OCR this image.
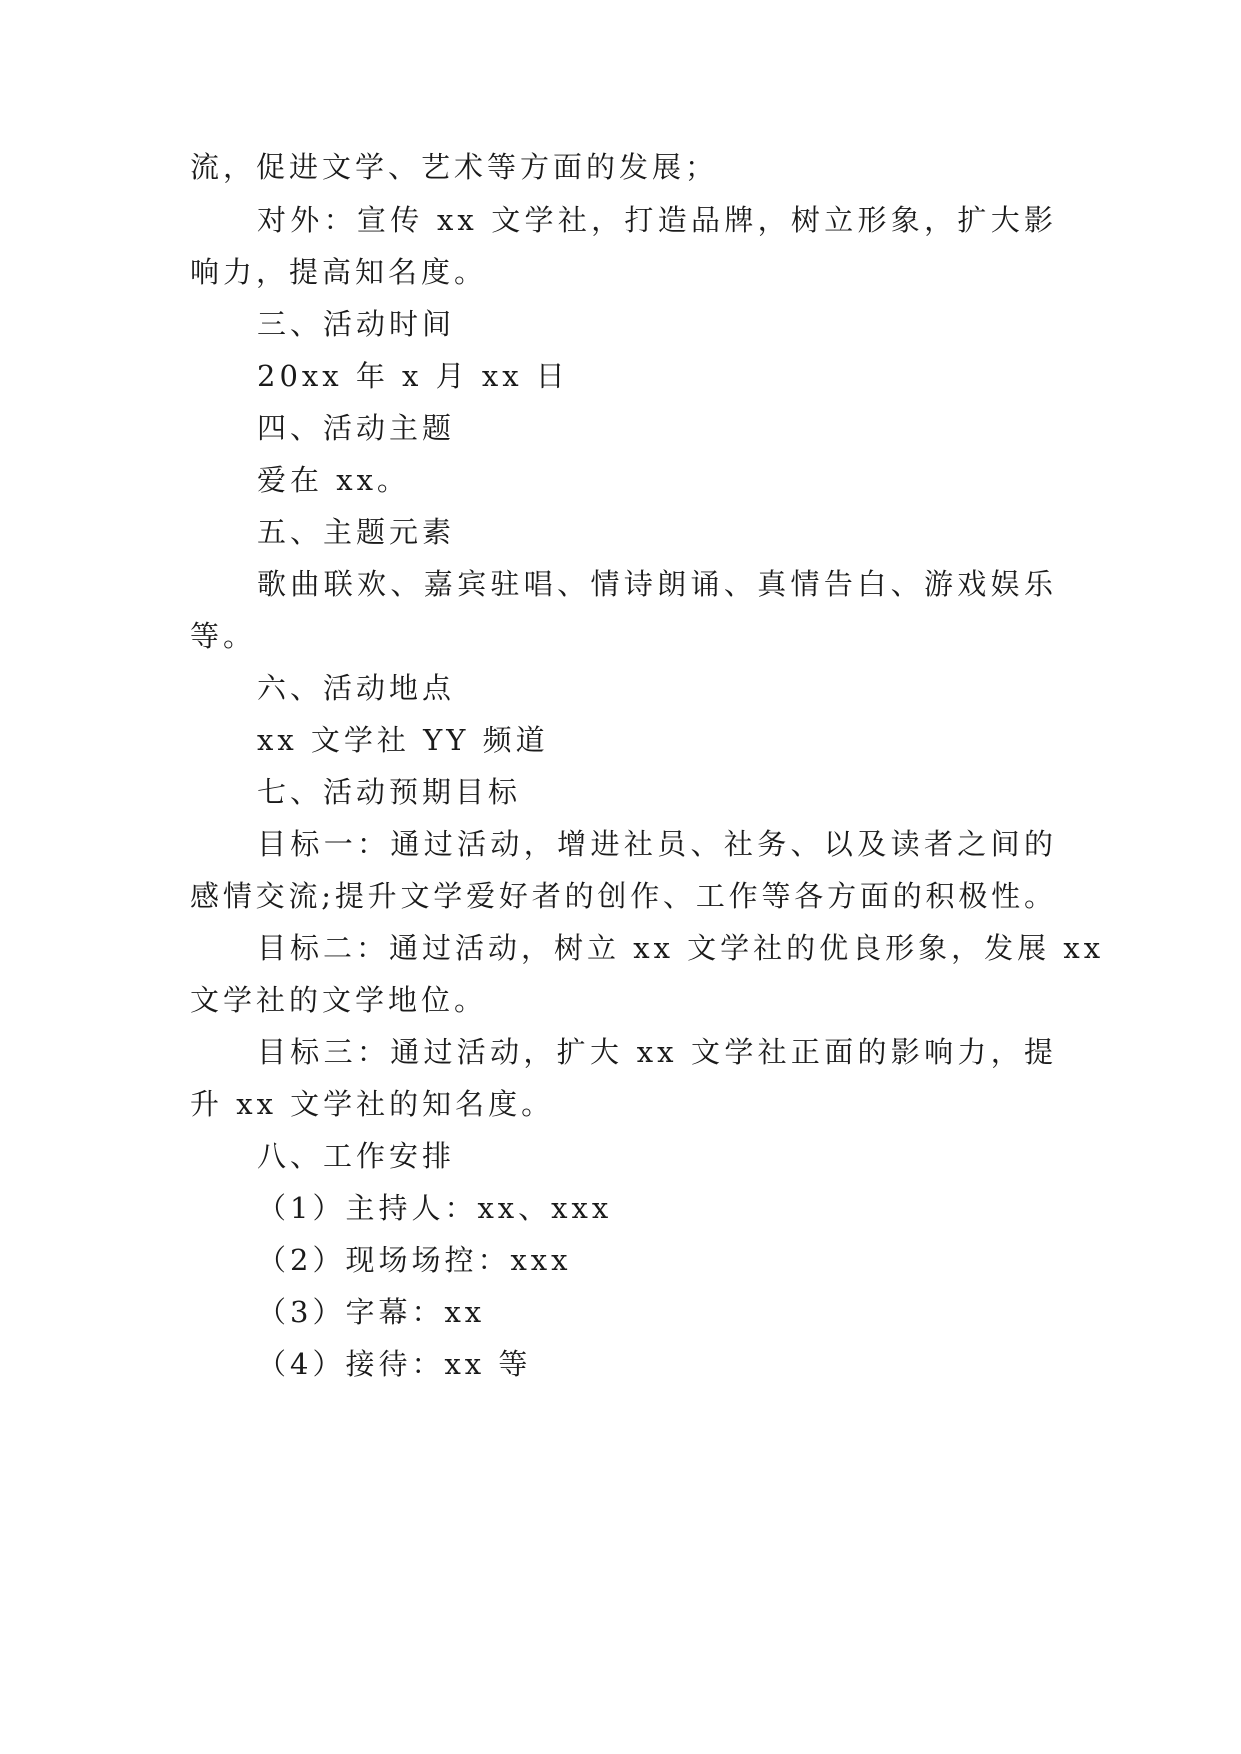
流，促进文学、艺术等方面的发展；
对外：宣传 xx 文学社，打造品牌，树立形象，扩大影
响力，提高知名度。
三、活动时间
20xx 年 x 月 xx 日
四、活动主题
爱在 xx。
五、主题元素
歌曲联欢、嘉宾驻唱、情诗朗诵、真情告白、游戏娱乐
等。
六、活动地点
xx 文学社 YY 频道
七、活动预期目标
目标一：通过活动，增进社员、社务、以及读者之间的
感情交流;提升文学爱好者的创作、工作等各方面的积极性。
目标二：通过活动，树立 xx 文学社的优良形象，发展 xx
文学社的文学地位。
目标三：通过活动，扩大 xx 文学社正面的影响力，提
升 xx 文学社的知名度。
八、工作安排
（1）主持人：xx、xxx
（2）现场场控：xxx
（3）字幕：xx
（4）接待：xx 等
